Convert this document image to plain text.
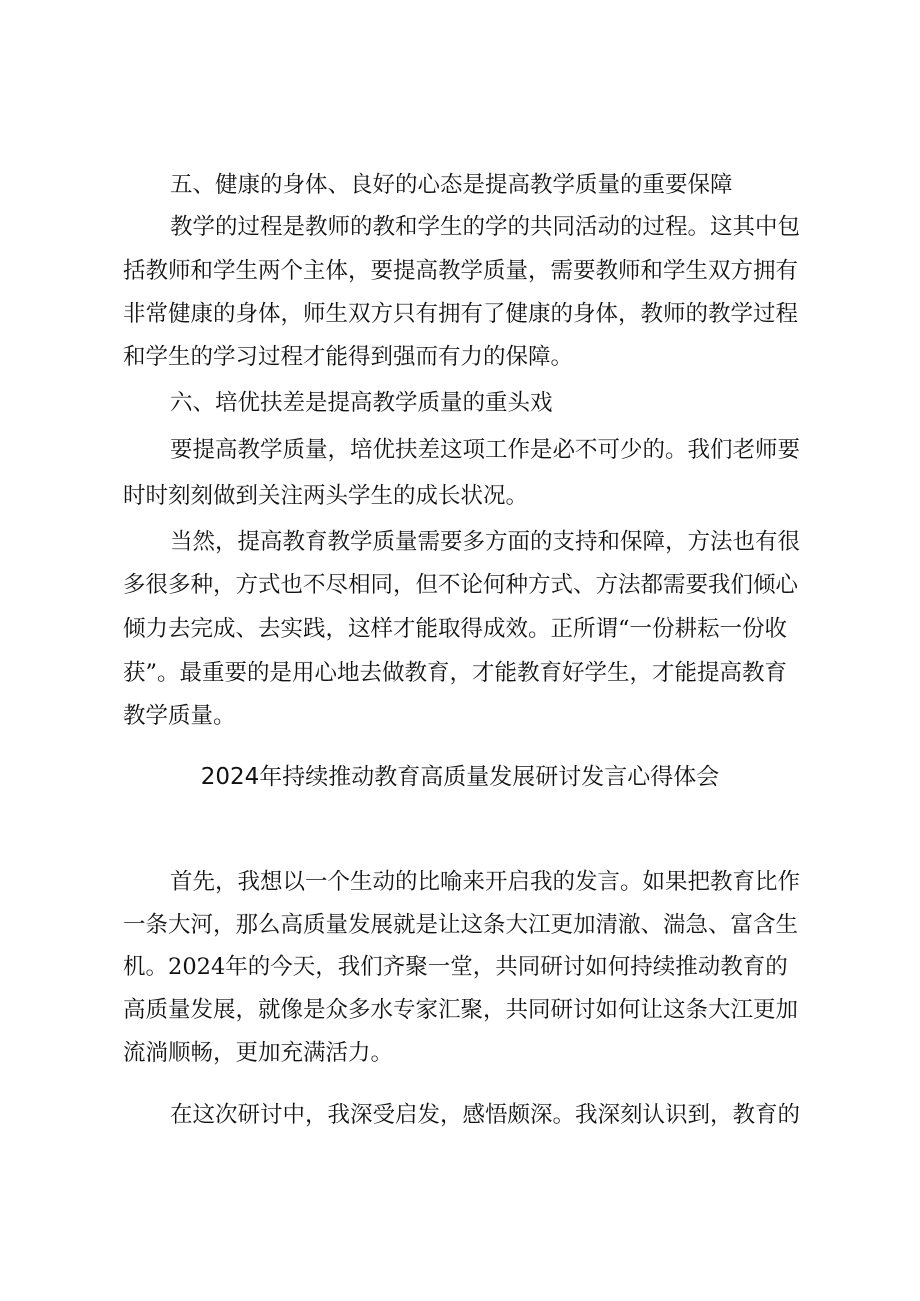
五、健康的身体、良好的心态是提高教学质量的重要保障
教学的过程是教师的教和学生的学的共同活动的过程。这其中包
括教师和学生两个主体，要提高教学质量，需要教师和学生双方拥有
非常健康的身体，师生双方只有拥有了健康的身体，教师的教学过程
和学生的学习过程才能得到强而有力的保障。
六、培优扶差是提高教学质量的重头戏
要提高教学质量，培优扶差这项工作是必不可少的。我们老师要
时时刻刻做到关注两头学生的成长状况。
当然，提高教育教学质量需要多方面的支持和保障，方法也有很
多很多种，方式也不尽相同，但不论何种方式、方法都需要我们倾心
倾力去完成、去实践，这样才能取得成效。正所谓“一份耕耘一份收
获”。最重要的是用心地去做教育，才能教育好学生，才能提高教育
教学质量。
2024年持续推动教育高质量发展研讨发言心得体会
首先，我想以一个生动的比喻来开启我的发言。如果把教育比作
一条大河，那么高质量发展就是让这条大江更加清澈、湍急、富含生
机。2024年的今天，我们齐聚一堂，共同研讨如何持续推动教育的
高质量发展，就像是众多水专家汇聚，共同研讨如何让这条大江更加
流淌顺畅，更加充满活力。
在这次研讨中，我深受启发，感悟颇深。我深刻认识到，教育的
